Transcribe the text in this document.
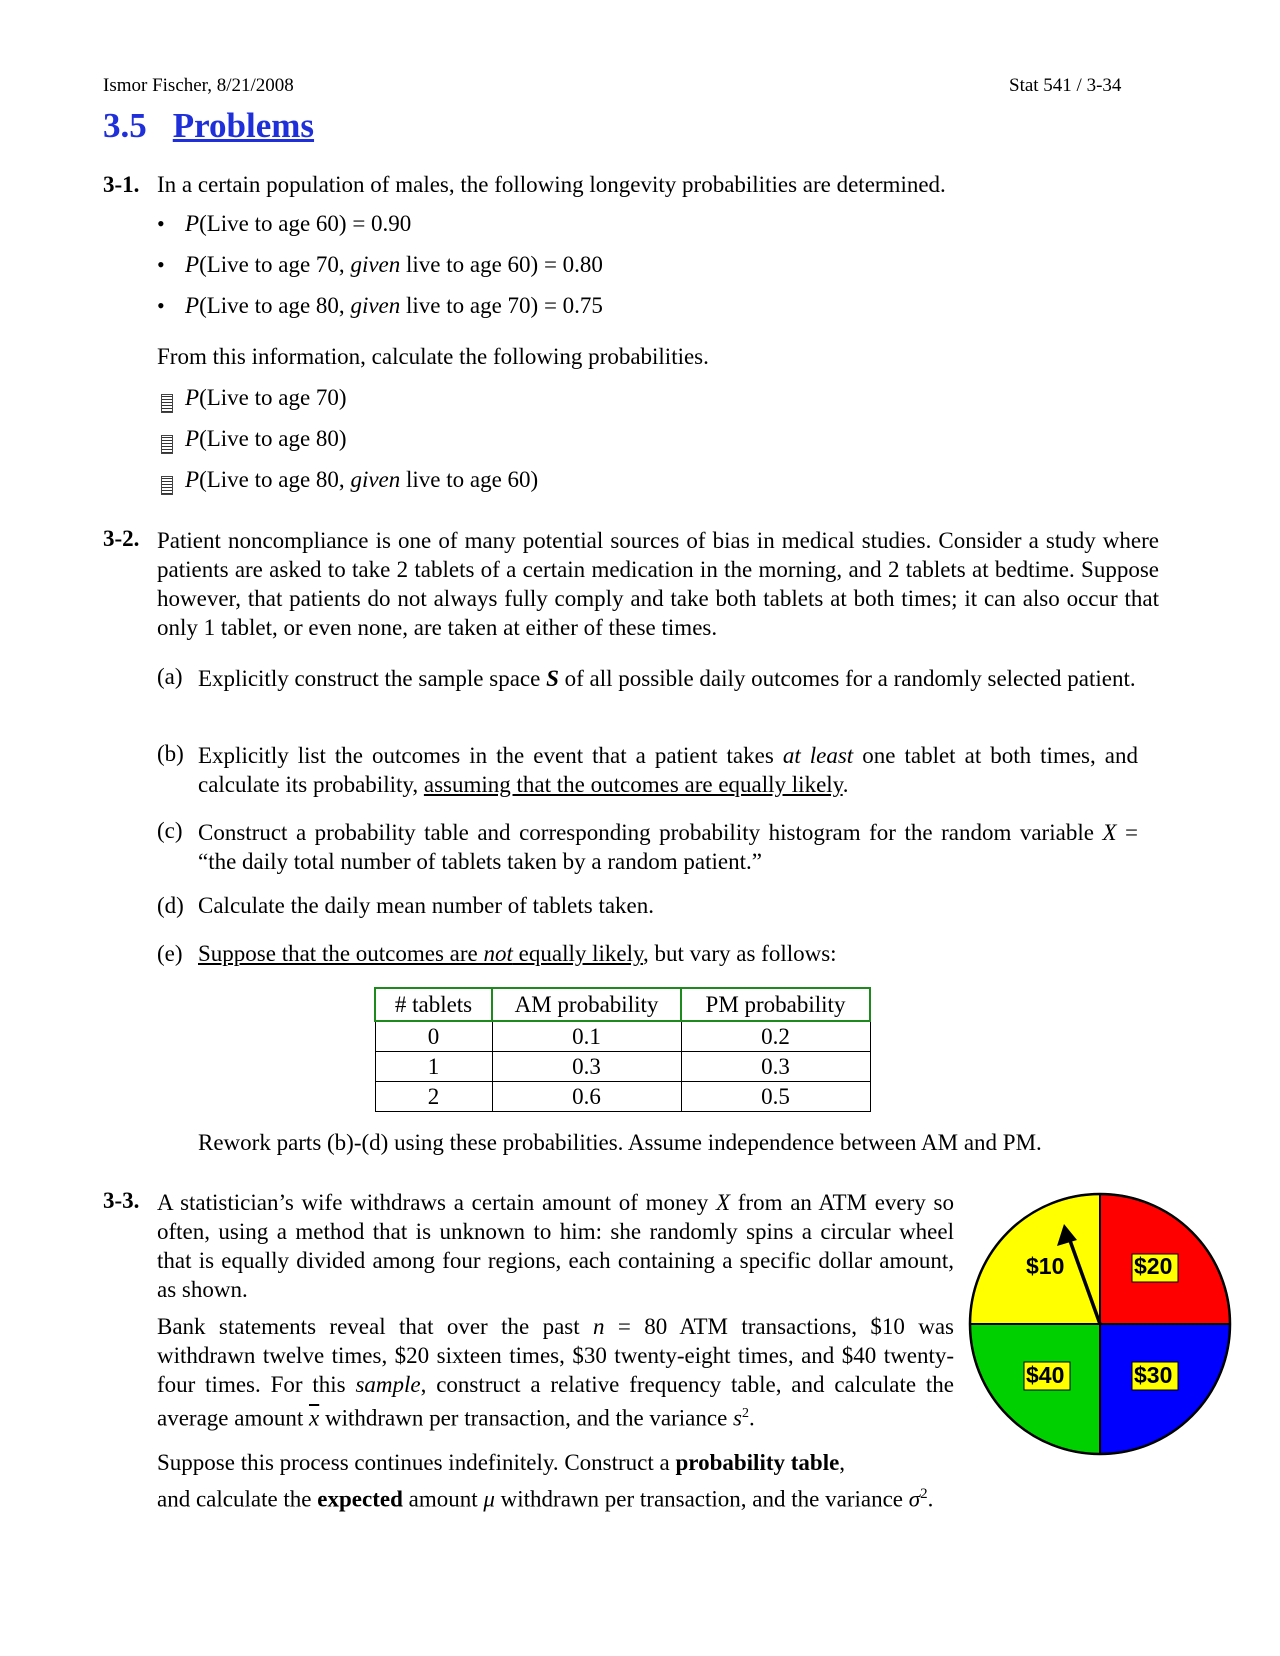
Ismor Fischer, 8/21/2008	Stat 541 / 3-34
3.5 Problems
3-1. In a certain population of males, the following longevity probabilities are determined.
• P(Live to age 60) = 0.90
• P(Live to age 70, given live to age 60) = 0.80
• P(Live to age 80, given live to age 70) = 0.75
From this information, calculate the following probabilities.
P(Live to age 70)
P(Live to age 80)
P(Live to age 80, given live to age 60)
3-2. Patient noncompliance is one of many potential sources of bias in medical studies. Consider a study where patients are asked to take 2 tablets of a certain medication in the morning, and 2 tablets at bedtime. Suppose however, that patients do not always fully comply and take both tablets at both times; it can also occur that only 1 tablet, or even none, are taken at either of these times.
(a) Explicitly construct the sample space S of all possible daily outcomes for a randomly selected patient.
(b) Explicitly list the outcomes in the event that a patient takes at least one tablet at both times, and calculate its probability, assuming that the outcomes are equally likely.
(c) Construct a probability table and corresponding probability histogram for the random variable X = “the daily total number of tablets taken by a random patient.”
(d) Calculate the daily mean number of tablets taken.
(e) Suppose that the outcomes are not equally likely, but vary as follows:
# tablets	AM probability	PM probability
0	0.1	0.2
1	0.3	0.3
2	0.6	0.5
Rework parts (b)-(d) using these probabilities. Assume independence between AM and PM.
3-3. A statistician’s wife withdraws a certain amount of money X from an ATM every so often, using a method that is unknown to him: she randomly spins a circular wheel that is equally divided among four regions, each containing a specific dollar amount, as shown.
Bank statements reveal that over the past n = 80 ATM transactions, $10 was withdrawn twelve times, $20 sixteen times, $30 twenty-eight times, and $40 twenty-four times. For this sample, construct a relative frequency table, and calculate the average amount $\overline{x}$ withdrawn per transaction, and the variance $s^2$.
Suppose this process continues indefinitely. Construct a probability table,
and calculate the expected amount μ withdrawn per transaction, and the variance $\sigma^2$.
$10	$20
$30
$40
